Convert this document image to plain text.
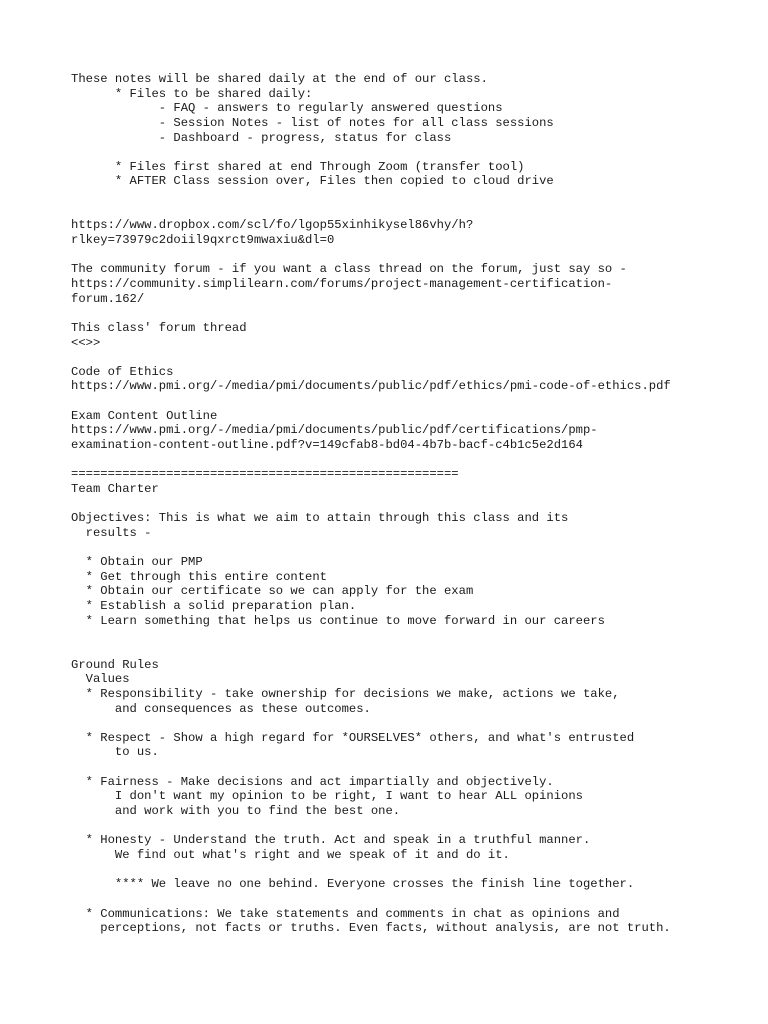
These notes will be shared daily at the end of our class.
* Files to be shared daily:
- FAQ - answers to regularly answered questions
- Session Notes - list of notes for all class sessions
- Dashboard - progress, status for class
* Files first shared at end Through Zoom (transfer tool)
* AFTER Class session over, Files then copied to cloud drive
https://www.dropbox.com/scl/fo/lgop55xinhikysel86vhy/h?
rlkey=73979c2doiil9qxrct9mwaxiu&dl=0
The community forum - if you want a class thread on the forum, just say so -
https://community.simplilearn.com/forums/project-management-certification-
forum.162/
This class' forum thread
<<>>
Code of Ethics
https://www.pmi.org/-/media/pmi/documents/public/pdf/ethics/pmi-code-of-ethics.pdf
Exam Content Outline
https://www.pmi.org/-/media/pmi/documents/public/pdf/certifications/pmp-
examination-content-outline.pdf?v=149cfab8-bd04-4b7b-bacf-c4b1c5e2d164
=====================================================
Team Charter
Objectives: This is what we aim to attain through this class and its
results -
* Obtain our PMP
* Get through this entire content
* Obtain our certificate so we can apply for the exam
* Establish a solid preparation plan.
* Learn something that helps us continue to move forward in our careers
Ground Rules
Values
* Responsibility - take ownership for decisions we make, actions we take,
and consequences as these outcomes.
* Respect - Show a high regard for *OURSELVES* others, and what's entrusted
to us.
* Fairness - Make decisions and act impartially and objectively.
I don't want my opinion to be right, I want to hear ALL opinions
and work with you to find the best one.
* Honesty - Understand the truth. Act and speak in a truthful manner.
We find out what's right and we speak of it and do it.
**** We leave no one behind. Everyone crosses the finish line together.
* Communications: We take statements and comments in chat as opinions and
perceptions, not facts or truths. Even facts, without analysis, are not truth.
